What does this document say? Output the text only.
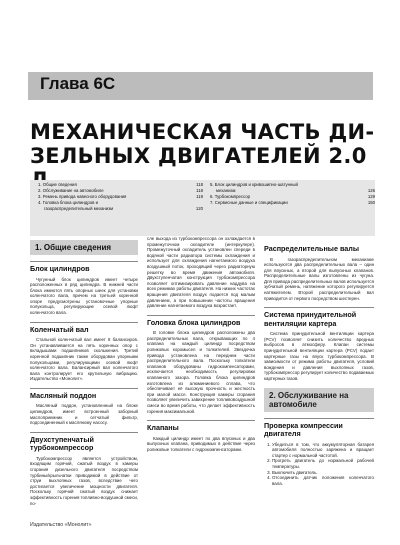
Глава 6C
МЕХАНИЧЕСКАЯ ЧАСТЬ ДИ-
ЗЕЛЬНЫХ ДВИГАТЕЛЕЙ 2.0
1. Общие сведения	118
2. Обслуживание на автомобиле	118
3. Ремень привода навесного оборудования	119
4. Головка блока цилиндров и
газораспределительный механизм	120
5. Блок цилиндров и кривошипно-шатунный
механизм	126
6. Турбокомпрессор	129
7. Сервисные данные и спецификации	150
1. Общие сведения
Блок цилиндров

Чугунный блок цилиндров имеет четыре расположенных в ряд цилиндра. В нижней части блока имеются пять опорных шеек для установки коленчатого вала, причем на третьей коренной опоре предусмотрены установочные упорные полукольца, регулирующие осевой люфт коленчатого вала.

Коленчатый вал

Стальной коленчатый вал имеет 8 балансиров. Он устанавливается на пять коренных опор с вкладышами подшипников скольжения. Третий коренной подшипник также оборудован упорными полукольцами, регулирующими осевой люфт коленчатого вала. Балансирный вал коленчатого вала контролирует его крутильную вибрацию. Издательство «Монолит».

Масляный поддон

Масляный поддон, установленный на блоке цилиндров, имеет встроенный заборный маслоприемник и сетчатый фильтр, подсоединенный к масляному насосу.

Двухступенчатый турбокомпрессор

Турбокомпрессор является устройством, входящим горячий, сжатый воздух в камеры сгорания дизельного двигателя посредством турбины/крыльчатки приводимой в действие от струи выхлопных газов, вследствие чего достигается увеличение мощности двигателя. Поскольку горячий сжатый воздух снижает эффективность горения топливно-воздушной смеси, по-

сле выхода из турбокомпрессора он охлаждается в промежуточном охладителе (интеркулере). Промежуточный охладитель установлен спереди в водяной части радиатора системы охлаждения и использует для охлаждения нагнетаемого воздуха воздушный поток, проходящий через радиаторную решетку во время движения автомобиля. Двухступенчатая конструкция турбокомпрессора позволяет оптимизировать давление наддува на всех режимах работы двигателя. На низких частотах вращения двигателя воздух подается под малым давлением, а при повышении частоты вращения давление нагнетаемого воздуха возрастает.

Головка блока цилиндров

В головке блока цилиндров расположены два распределительных вала, открывающих по 4 клапана на каждый цилиндр посредством роликовых коромысел и толкателей. Звездочка привода установлена на переднем части распределительного вала. Поскольку толкатели клапанов оборудованы гидрокомпенсаторами, исключается необходимость регулировки клапанного зазора. Головка блока цилиндров изготовлена из алюминиевого сплава, что обеспечивает её высокую прочность и жесткость при малой массе. Конструкция камеры сгорания позволяет увеличить завихрение топливовоздушной смеси во время работы, что делает эффективность горения максимальной.

Клапаны

Каждый цилиндр имеет по два впускных и два выпускных клапана, приводимых в действие через роликовые толкатели с гидрокомпенсаторами.

Распределительные валы

В газораспределительном механизме используются два распределительных вала – один для впускных, а второй для выпускных клапанов. Распределительные валы изготовлены из чугуна. Для привода распределительных валов используется зубчатый ремень, натяжение которого регулируется натяжителем. Второй распределительный вал приводится от первого посредством шестерен.

Система принудительной вентиляции картера

Система принудительной вентиляции картера (PCV) позволяет снизить количество вредных выбросов в атмосферу. Клапан системы принудительной вентиляции картера (PCV) подает картерные газы на впуск турбокомпрессора. В зависимости от режима работы двигателя, условий вождения и давления выхлопных газов, турбокомпрессор регулирует количество подаваемых картерных газов.

2. Обслуживание на автомобиле
Проверка компрессии двигателя
1. Убедиться в том, что аккумуляторная батарея автомобиля полностью заряжена и вращает стартер с нормальной частотой.
2. Прогреть двигатель до нормальной рабочей температуры.
3. Выключить двигатель.
4. Отсоединить датчик положения коленчатого вала.
Издательство «Монолит»
